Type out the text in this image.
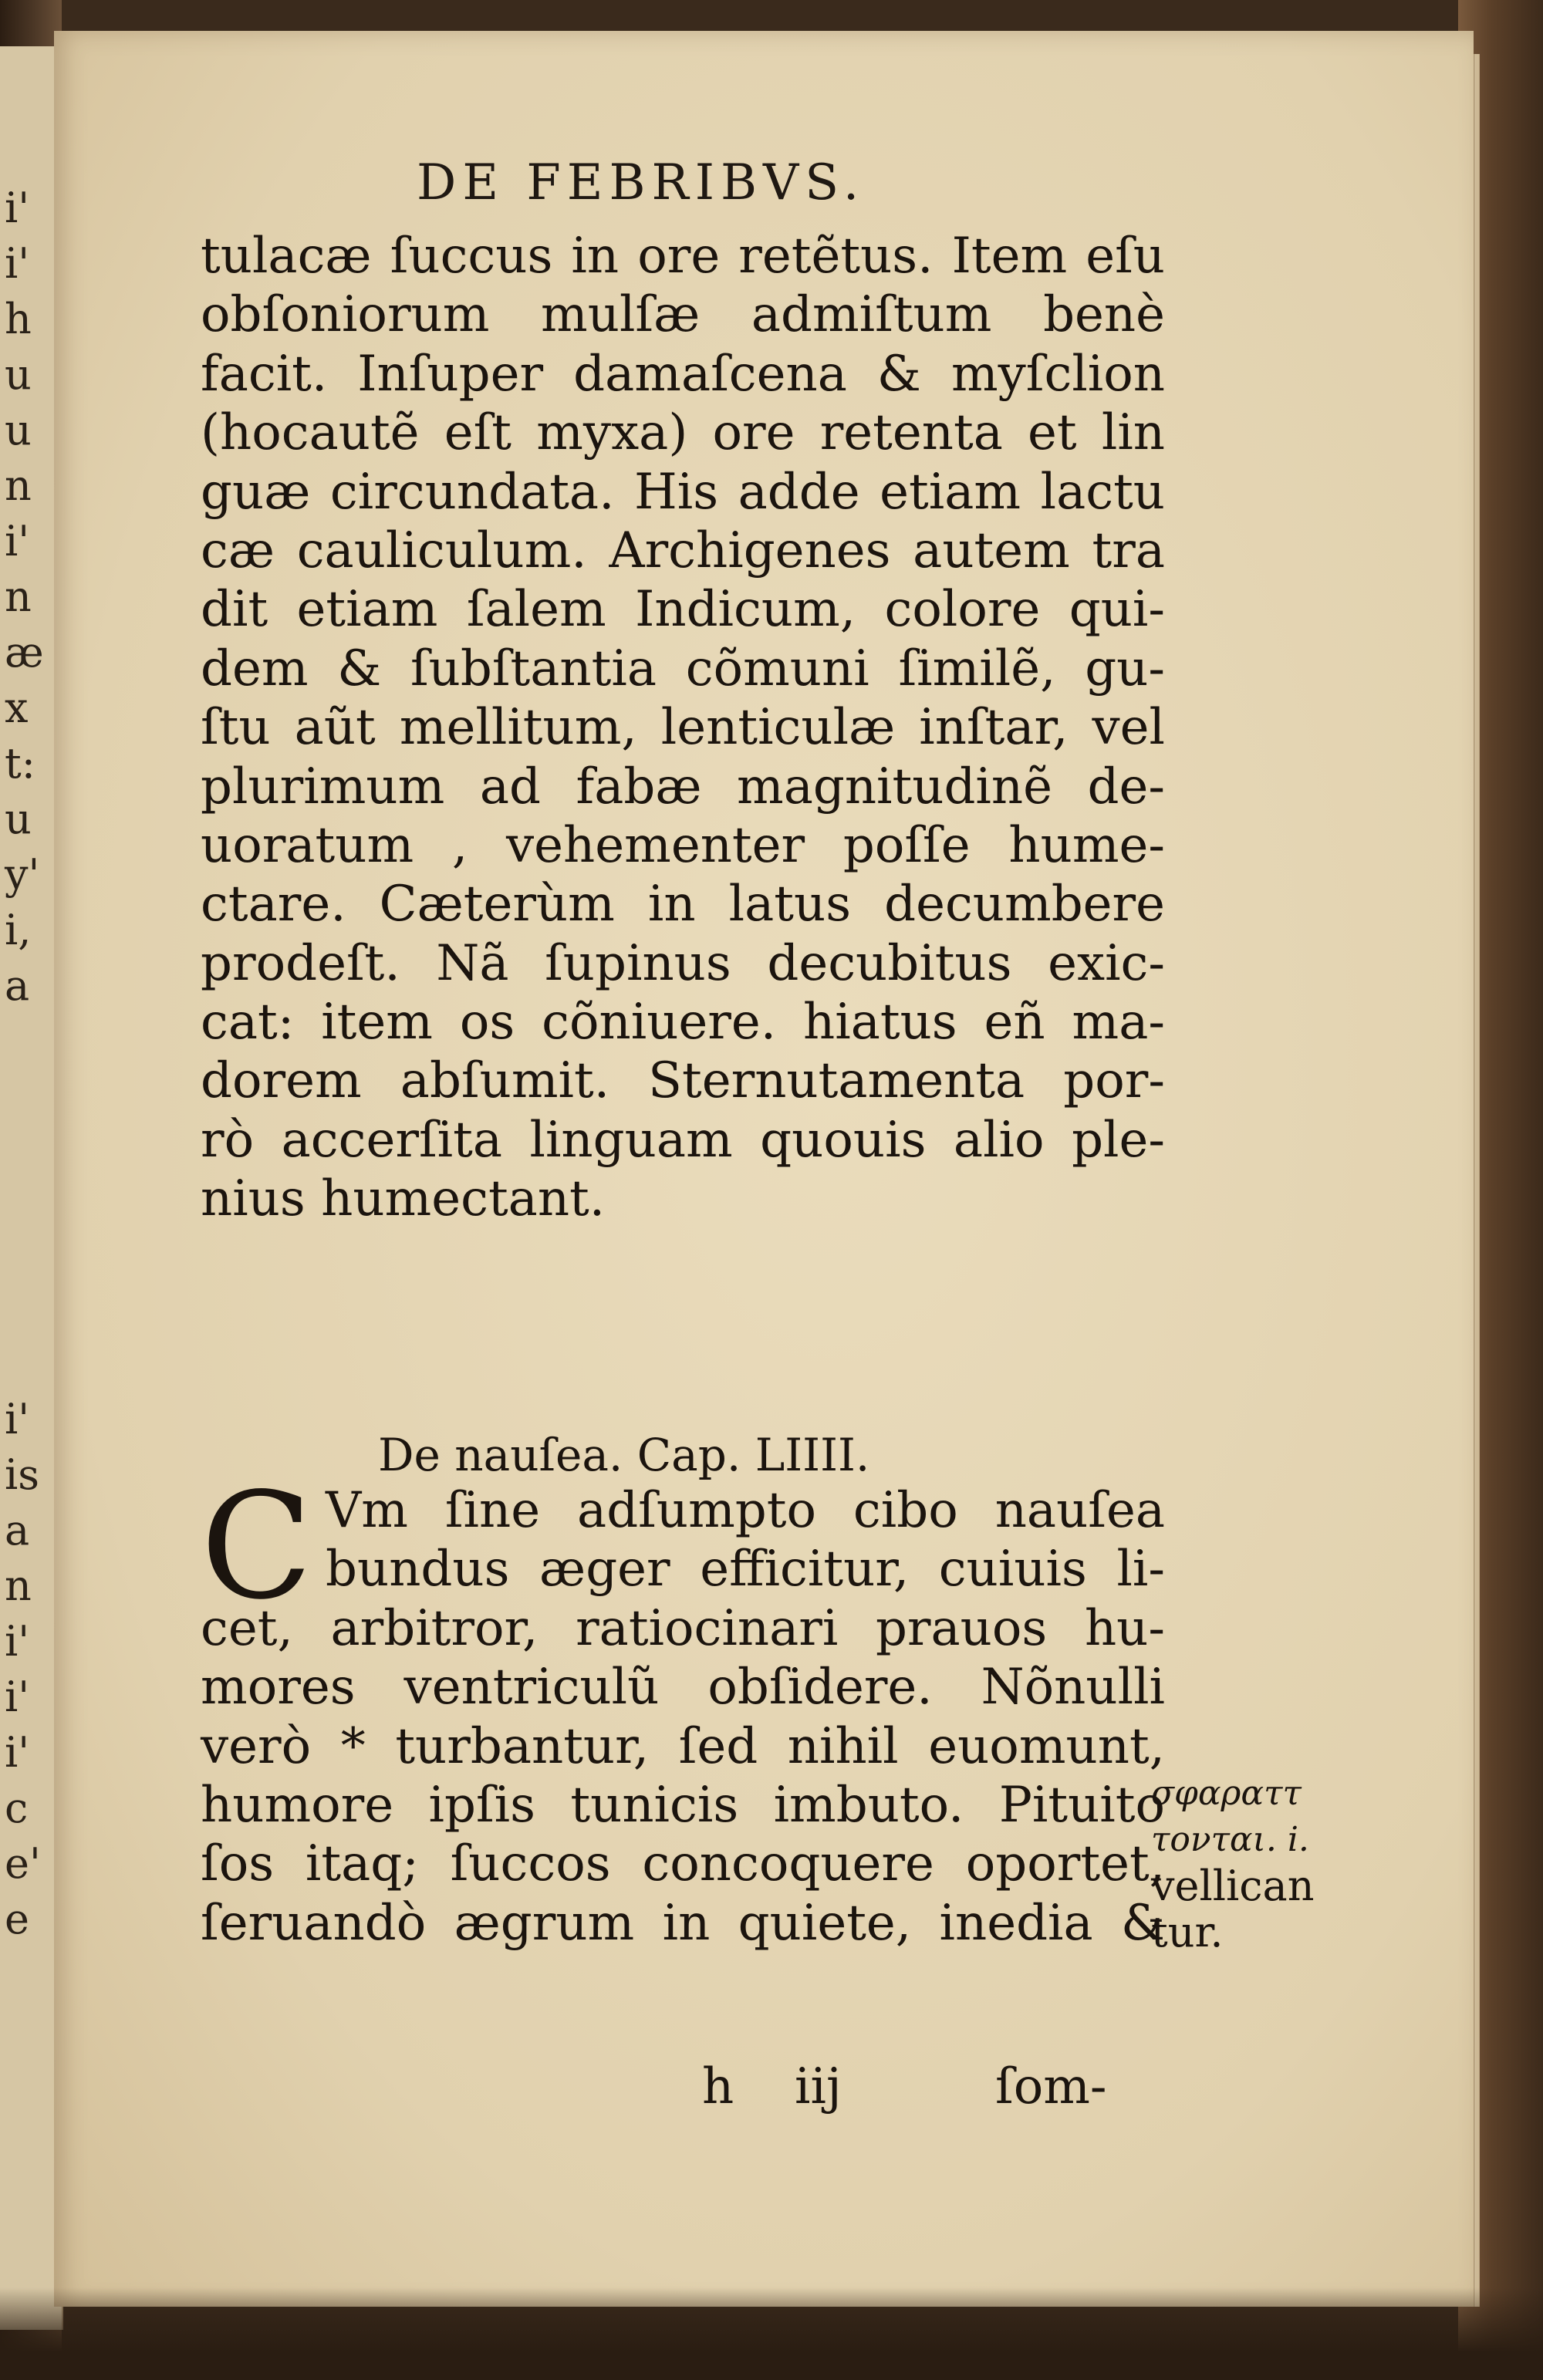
i'
i'
h
u
u
n
i'
n
æ
x
t:
u
y'
i,
a
i'
is
a
n
i'
i'
i'
c
e'
e
DE FEBRIBVS.
tulacæ ſuccus in ore retẽtus. Item eſu
obſoniorum mulſæ admiſtum benè
facit. Inſuper damaſcena & myſclion
(hocautẽ eſt myxa) ore retenta et lin
guæ circundata. His adde etiam lactu
cæ cauliculum. Archigenes autem tra
dit etiam ſalem Indicum, colore qui-
dem & ſubſtantia cõmuni ſimilẽ, gu-
ſtu aũt mellitum, lenticulæ inſtar, vel
plurimum ad fabæ magnitudinẽ de-
uoratum , vehementer poſſe hume-
ctare. Cæterùm in latus decumbere
prodeſt. Nã ſupinus decubitus exic-
cat: item os cõniuere. hiatus eñ ma-
dorem abſumit. Sternutamenta por-
rò accerſita linguam quouis alio ple-
nius humectant.
De nauſea. Cap. LIIII.
C Vm ſine adſumpto cibo nauſea
bundus æger efficitur, cuiuis li-
cet, arbitror, ratiocinari prauos hu-
mores ventriculũ obſidere. Nõnulli
verò * turbantur, ſed nihil euomunt,
humore ipſis tunicis imbuto. Pituito
ſos itaq; ſuccos concoquere oportet,
ſeruandò ægrum in quiete, inedia &
σφαραττ
τονται. i.
vellican
tur.
h iij	ſom-
